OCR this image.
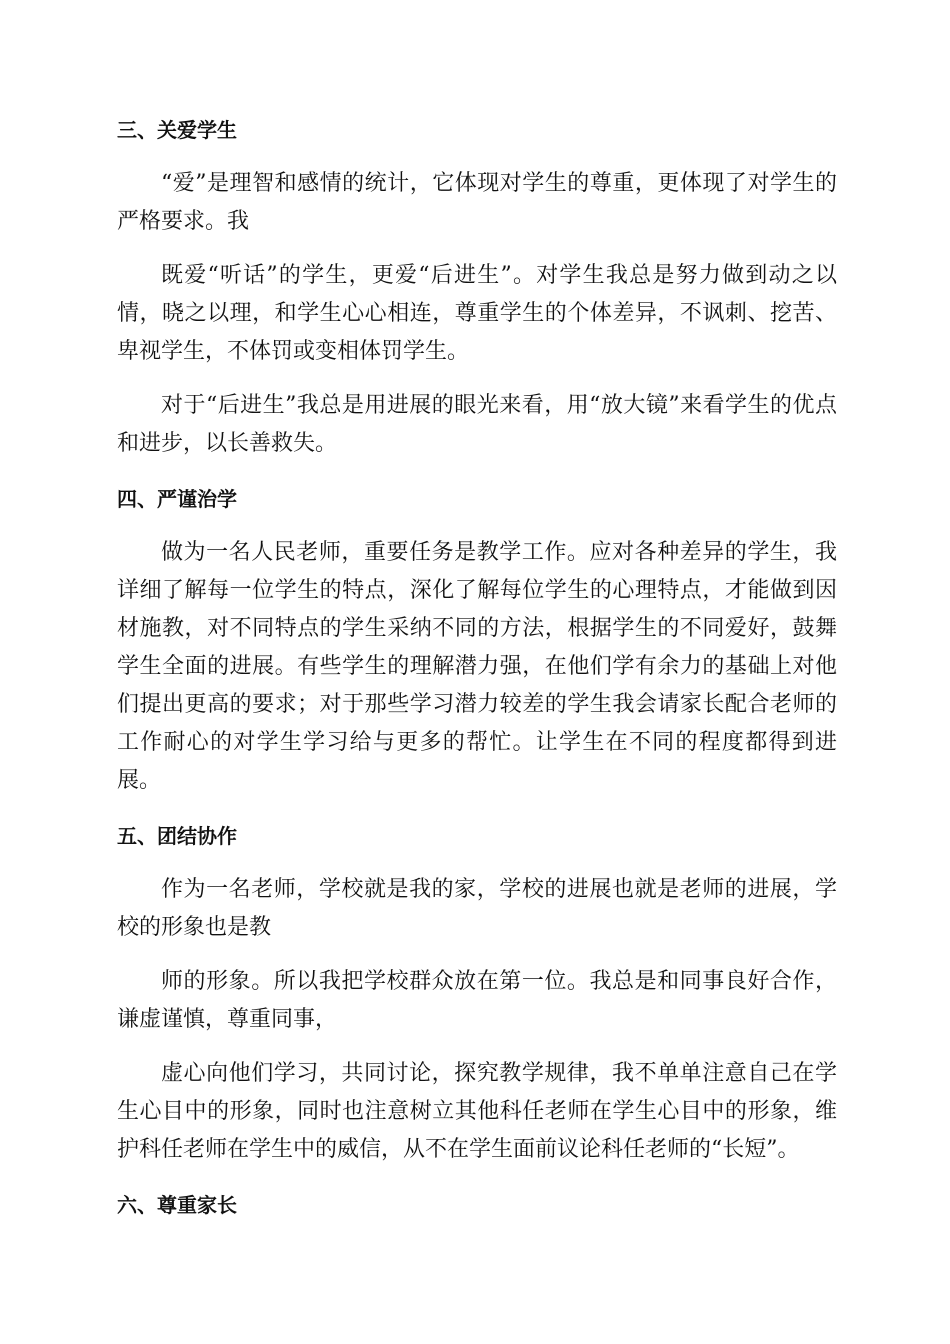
三、关爱学生

“爱”是理智和感情的统计，它体现对学生的尊重，更体现了对学生的严格要求。我

既爱“听话”的学生，更爱“后进生”。对学生我总是努力做到动之以情，晓之以理，和学生心心相连，尊重学生的个体差异，不讽刺、挖苦、卑视学生，不体罚或变相体罚学生。

对于“后进生”我总是用进展的眼光来看，用“放大镜”来看学生的优点和进步，以长善救失。

四、严谨治学

做为一名人民老师，重要任务是教学工作。应对各种差异的学生，我详细了解每一位学生的特点，深化了解每位学生的心理特点，才能做到因材施教，对不同特点的学生采纳不同的方法，根据学生的不同爱好，鼓舞学生全面的进展。有些学生的理解潜力强，在他们学有余力的基础上对他们提出更高的要求；对于那些学习潜力较差的学生我会请家长配合老师的工作耐心的对学生学习给与更多的帮忙。让学生在不同的程度都得到进展。

五、团结协作

作为一名老师，学校就是我的家，学校的进展也就是老师的进展，学校的形象也是教

师的形象。所以我把学校群众放在第一位。我总是和同事良好合作，谦虚谨慎，尊重同事，

虚心向他们学习，共同讨论，探究教学规律，我不单单注意自己在学生心目中的形象，同时也注意树立其他科任老师在学生心目中的形象，维护科任老师在学生中的威信，从不在学生面前议论科任老师的“长短”。

六、尊重家长
